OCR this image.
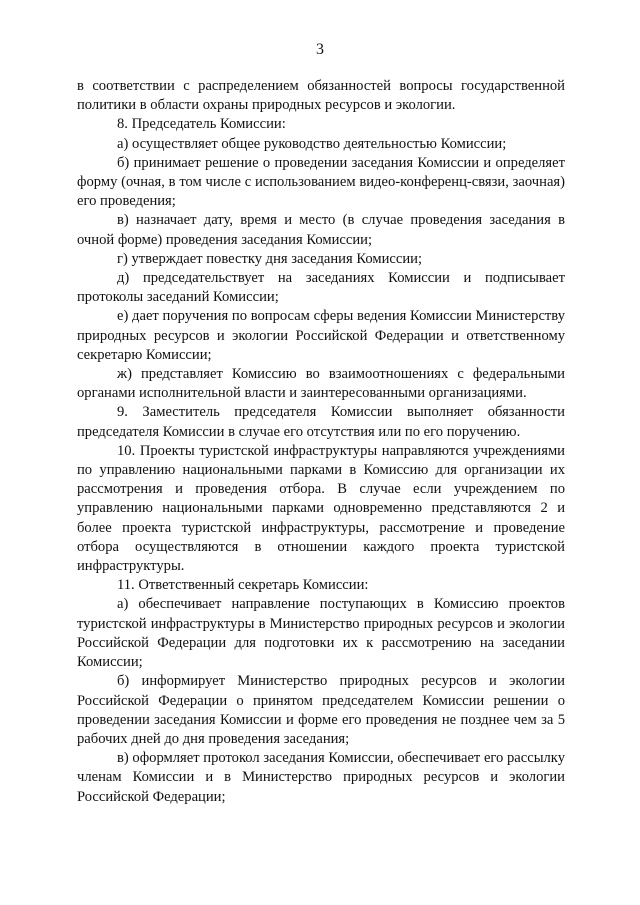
3

в соответствии с распределением обязанностей вопросы государственной политики в области охраны природных ресурсов и экологии.

8. Председатель Комиссии:

а) осуществляет общее руководство деятельностью Комиссии;

б) принимает решение о проведении заседания Комиссии и определяет форму (очная, в том числе с использованием видео-конференц-связи, заочная) его проведения;

в) назначает дату, время и место (в случае проведения заседания в очной форме) проведения заседания Комиссии;

г) утверждает повестку дня заседания Комиссии;

д) председательствует на заседаниях Комиссии и подписывает протоколы заседаний Комиссии;

е) дает поручения по вопросам сферы ведения Комиссии Министерству природных ресурсов и экологии Российской Федерации и ответственному секретарю Комиссии;

ж) представляет Комиссию во взаимоотношениях с федеральными органами исполнительной власти и заинтересованными организациями.

9. Заместитель председателя Комиссии выполняет обязанности председателя Комиссии в случае его отсутствия или по его поручению.

10. Проекты туристской инфраструктуры направляются учреждениями по управлению национальными парками в Комиссию для организации их рассмотрения и проведения отбора. В случае если учреждением по управлению национальными парками одновременно представляются 2 и более проекта туристской инфраструктуры, рассмотрение и проведение отбора осуществляются в отношении каждого проекта туристской инфраструктуры.

11. Ответственный секретарь Комиссии:

а) обеспечивает направление поступающих в Комиссию проектов туристской инфраструктуры в Министерство природных ресурсов и экологии Российской Федерации для подготовки их к рассмотрению на заседании Комиссии;

б) информирует Министерство природных ресурсов и экологии Российской Федерации о принятом председателем Комиссии решении о проведении заседания Комиссии и форме его проведения не позднее чем за 5 рабочих дней до дня проведения заседания;

в) оформляет протокол заседания Комиссии, обеспечивает его рассылку членам Комиссии и в Министерство природных ресурсов и экологии Российской Федерации;
